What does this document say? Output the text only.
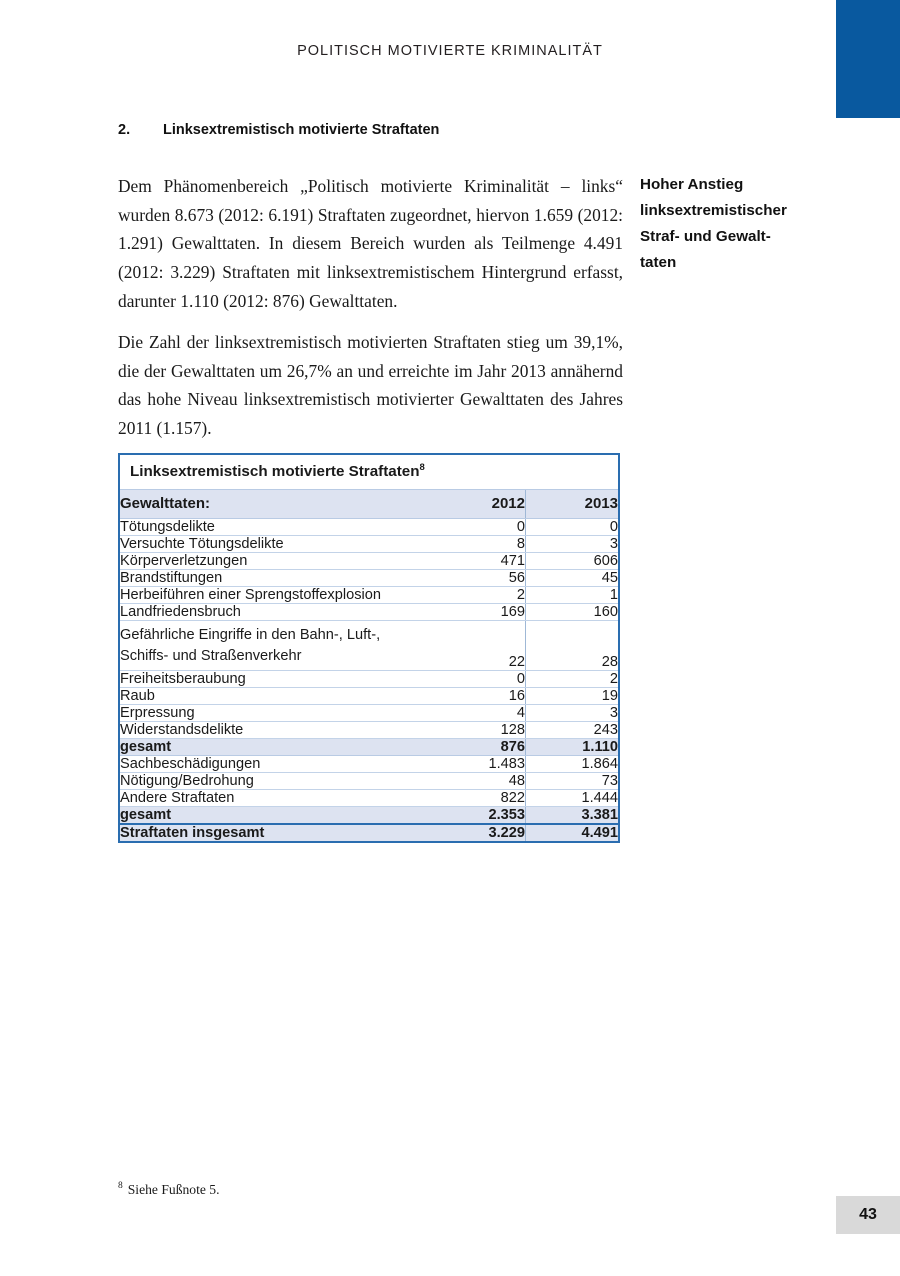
POLITISCH MOTIVIERTE KRIMINALITÄT
2.	Linksextremistisch motivierte Straftaten
Dem Phänomenbereich „Politisch motivierte Kriminalität – links“ wurden 8.673 (2012: 6.191) Straftaten zugeordnet, hiervon 1.659 (2012: 1.291) Gewalttaten. In diesem Bereich wurden als Teilmenge 4.491 (2012: 3.229) Straftaten mit linksextremistischem Hintergrund erfasst, darunter 1.110 (2012: 876) Gewalttaten.
Die Zahl der linksextremistisch motivierten Straftaten stieg um 39,1%, die der Gewalttaten um 26,7% an und erreichte im Jahr 2013 annähernd das hohe Niveau linksextremistisch motivierter Gewalttaten des Jahres 2011 (1.157).
Hoher Anstieg
linksextremistischer
Straf- und Gewalt-
taten
Linksextremistisch motivierte Straftaten$^8$
Gewalttaten:	2012	2013
Tötungsdelikte	0	0
Versuchte Tötungsdelikte	8	3
Körperverletzungen	471	606
Brandstiftungen	56	45
Herbeiführen einer Sprengstoffexplosion	2	1
Landfriedensbruch	169	160
Gefährliche Eingriffe in den Bahn-, Luft-, Schiffs- und Straßenverkehr	22	28
Freiheitsberaubung	0	2
Raub	16	19
Erpressung	4	3
Widerstandsdelikte	128	243
gesamt	876	1.110
Sachbeschädigungen	1.483	1.864
Nötigung/Bedrohung	48	73
Andere Straftaten	822	1.444
gesamt	2.353	3.381
Straftaten insgesamt	3.229	4.491
$^8$ Siehe Fußnote 5.
43
